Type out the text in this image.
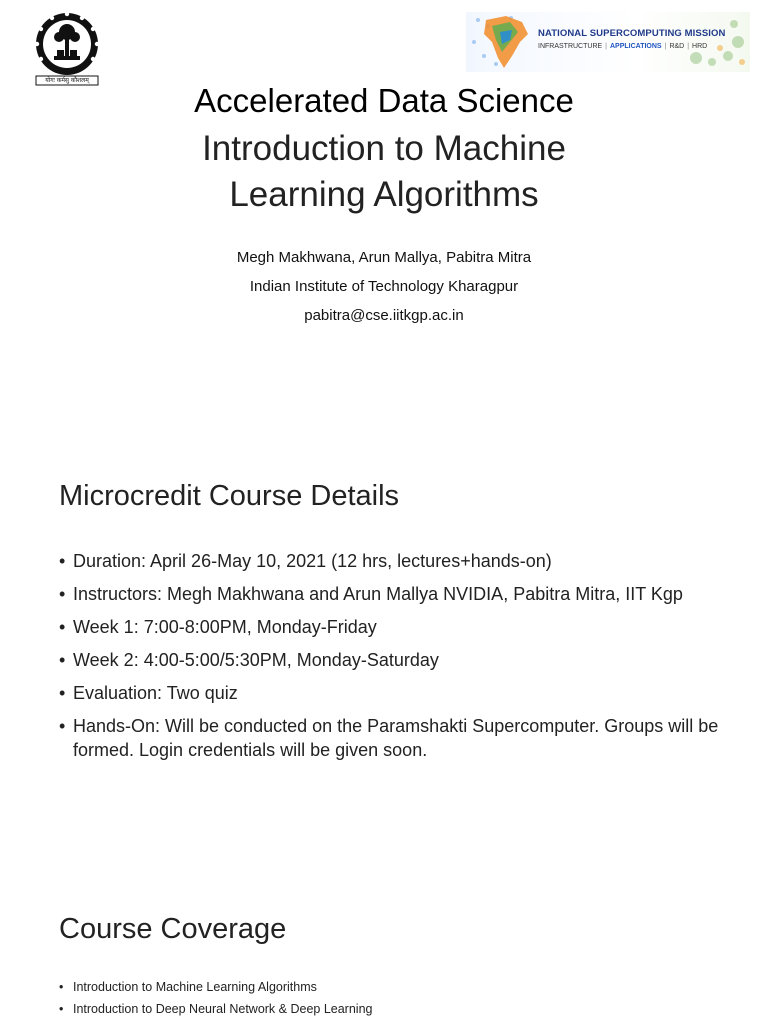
योगः कर्मसु कौशलम्
NATIONAL SUPERCOMPUTING MISSION
INFRASTRUCTURE | APPLICATIONS | R&D | HRD
Accelerated Data Science
Introduction to Machine
Learning Algorithms
Megh Makhwana, Arun Mallya, Pabitra Mitra
Indian Institute of Technology Kharagpur
pabitra@cse.iitkgp.ac.in
Microcredit Course Details
• Duration: April 26-May 10, 2021 (12 hrs, lectures+hands-on)
• Instructors: Megh Makhwana and Arun Mallya NVIDIA, Pabitra Mitra, IIT Kgp
• Week 1: 7:00-8:00PM, Monday-Friday
• Week 2: 4:00-5:00/5:30PM, Monday-Saturday
• Evaluation: Two quiz
• Hands-On: Will be conducted on the Paramshakti Supercomputer. Groups will be formed. Login credentials will be given soon.
Course Coverage
• Introduction to Machine Learning Algorithms
• Introduction to Deep Neural Network & Deep Learning
